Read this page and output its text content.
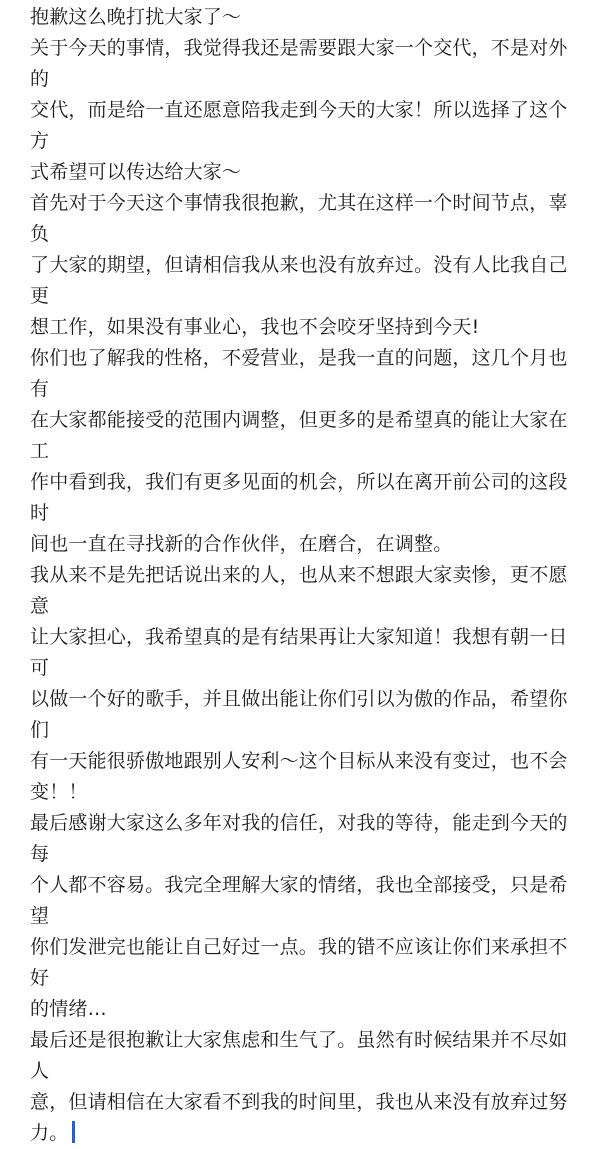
抱歉这么晚打扰大家了～

关于今天的事情，我觉得我还是需要跟大家一个交代，不是对外的

交代，而是给一直还愿意陪我走到今天的大家！所以选择了这个方

式希望可以传达给大家～

首先对于今天这个事情我很抱歉，尤其在这样一个时间节点，辜负

了大家的期望，但请相信我从来也没有放弃过。没有人比我自己更

想工作，如果没有事业心，我也不会咬牙坚持到今天!

你们也了解我的性格，不爱营业，是我一直的问题，这几个月也有

在大家都能接受的范围内调整，但更多的是希望真的能让大家在工

作中看到我，我们有更多见面的机会，所以在离开前公司的这段时

间也一直在寻找新的合作伙伴，在磨合，在调整。

我从来不是先把话说出来的人，也从来不想跟大家卖惨，更不愿意

让大家担心，我希望真的是有结果再让大家知道！我想有朝一日可

以做一个好的歌手，并且做出能让你们引以为傲的作品，希望你们

有一天能很骄傲地跟别人安利～这个目标从来没有变过，也不会

变！！

最后感谢大家这么多年对我的信任，对我的等待，能走到今天的每

个人都不容易。我完全理解大家的情绪，我也全部接受，只是希望

你们发泄完也能让自己好过一点。我的错不应该让你们来承担不好

的情绪…

最后还是很抱歉让大家焦虑和生气了。虽然有时候结果并不尽如人

意，但请相信在大家看不到我的时间里，我也从来没有放弃过努

力。
